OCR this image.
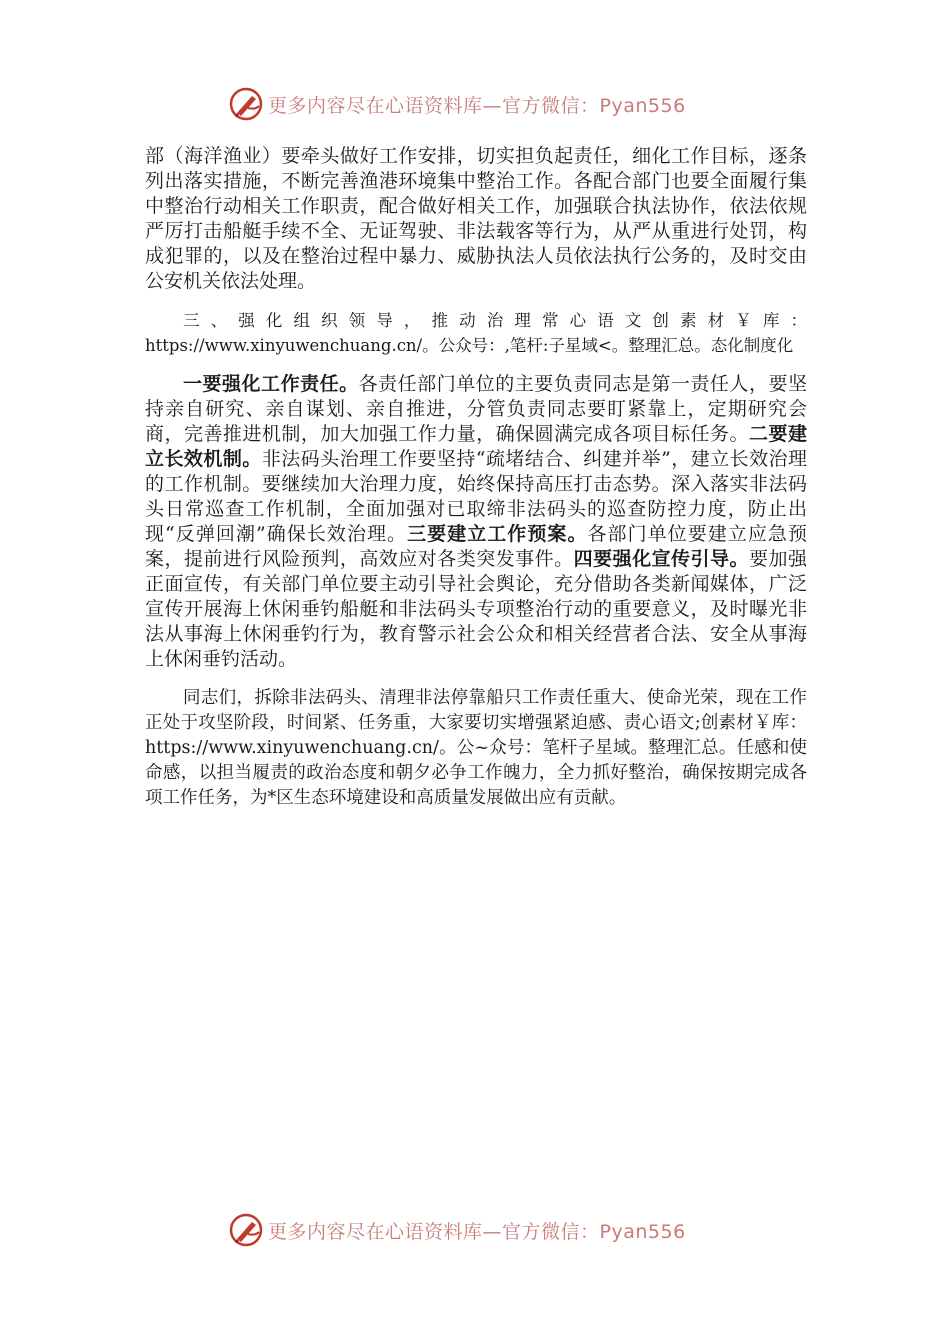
更多内容尽在心语资料库—官方微信：Pyan556

部（海洋渔业）要牵头做好工作安排，切实担负起责任，细化工作目标，逐条列出落实措施，不断完善渔港环境集中整治工作。各配合部门也要全面履行集中整治行动相关工作职责，配合做好相关工作，加强联合执法协作，依法依规严厉打击船艇手续不全、无证驾驶、非法载客等行为，从严从重进行处罚，构成犯罪的，以及在整治过程中暴力、威胁执法人员依法执行公务的，及时交由公安机关依法处理。

三、强化组织领导，推动治理常心语文创素材￥库：https://www.xinyuwenchuang.cn/。公众号：,笔杆:子星域<。整理汇总。态化制度化

一要强化工作责任。各责任部门单位的主要负责同志是第一责任人，要坚持亲自研究、亲自谋划、亲自推进，分管负责同志要盯紧靠上，定期研究会商，完善推进机制，加大加强工作力量，确保圆满完成各项目标任务。二要建立长效机制。非法码头治理工作要坚持“疏堵结合、纠建并举”，建立长效治理的工作机制。要继续加大治理力度，始终保持高压打击态势。深入落实非法码头日常巡查工作机制，全面加强对已取缔非法码头的巡查防控力度，防止出现“反弹回潮”确保长效治理。三要建立工作预案。各部门单位要建立应急预案，提前进行风险预判，高效应对各类突发事件。四要强化宣传引导。要加强正面宣传，有关部门单位要主动引导社会舆论，充分借助各类新闻媒体，广泛宣传开展海上休闲垂钓船艇和非法码头专项整治行动的重要意义，及时曝光非法从事海上休闲垂钓行为，教育警示社会公众和相关经营者合法、安全从事海上休闲垂钓活动。

同志们，拆除非法码头、清理非法停靠船只工作责任重大、使命光荣，现在工作正处于攻坚阶段，时间紧、任务重，大家要切实增强紧迫感、责心语文;创素材￥库：https://www.xinyuwenchuang.cn/。公~众号：笔杆子星域。整理汇总。任感和使命感，以担当履责的政治态度和朝夕必争工作魄力，全力抓好整治，确保按期完成各项工作任务，为*区生态环境建设和高质量发展做出应有贡献。

更多内容尽在心语资料库—官方微信：Pyan556
